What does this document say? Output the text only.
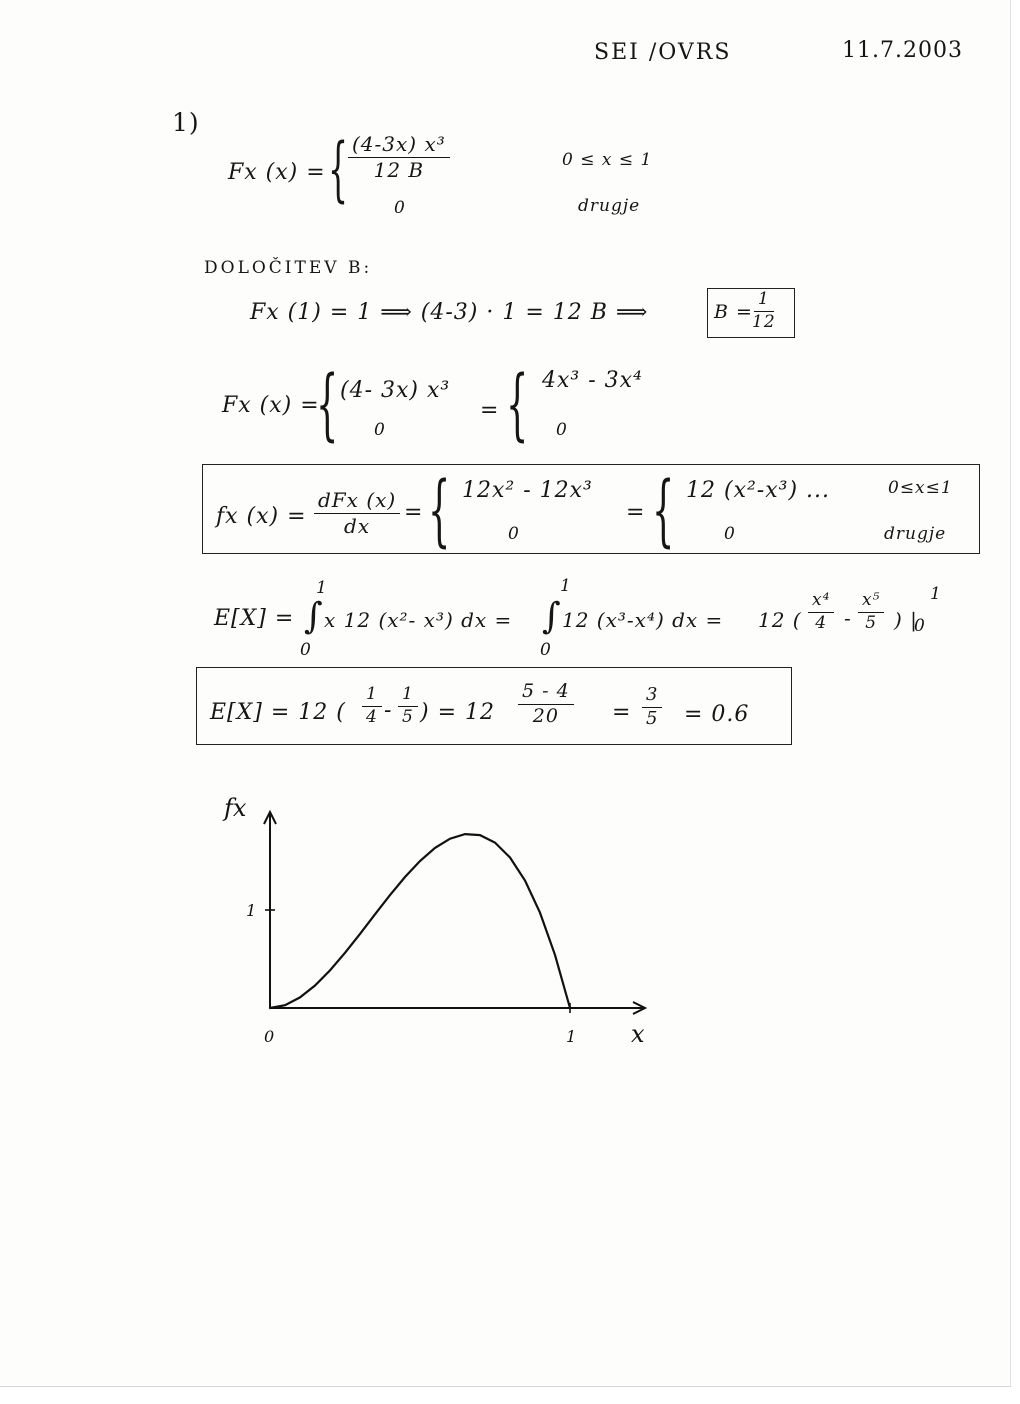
SEI /OVRS	11.7.2003
1)
Fx (x) = { $\frac{\text{(4-3x) x³}}{12 B}$
0
0 ≤ x ≤ 1
drugje
DOLOČITEV B:
Fx (1) = 1 ⟹ (4-3) · 1 = 12 B ⟹	$B = \frac{1}{12}$
Fx (x) =
{ (4- 3x) x³
0
= { 4x³ - 3x⁴
0
fx (x) =
dFx (x)
dx
= { 12x² - 12x³
0
= { 12 (x²-x³) ...	0≤x≤1
0	drugje
E[X] =
1
∫
0
x 12 (x²- x³) dx =
1
∫
0
12 (x³-x⁴) dx = 12 ( $\frac{\text{x⁴}}{4} - \frac{\text{x⁵}}{5}$ ) |
1
0
E[X] = 12 ( $\frac{1}{4} - \frac{1}{5}$ ) = $12 \frac{5 - 4}{20} = \frac{3}{5} = 0.6$
fx
x
1
0	1
